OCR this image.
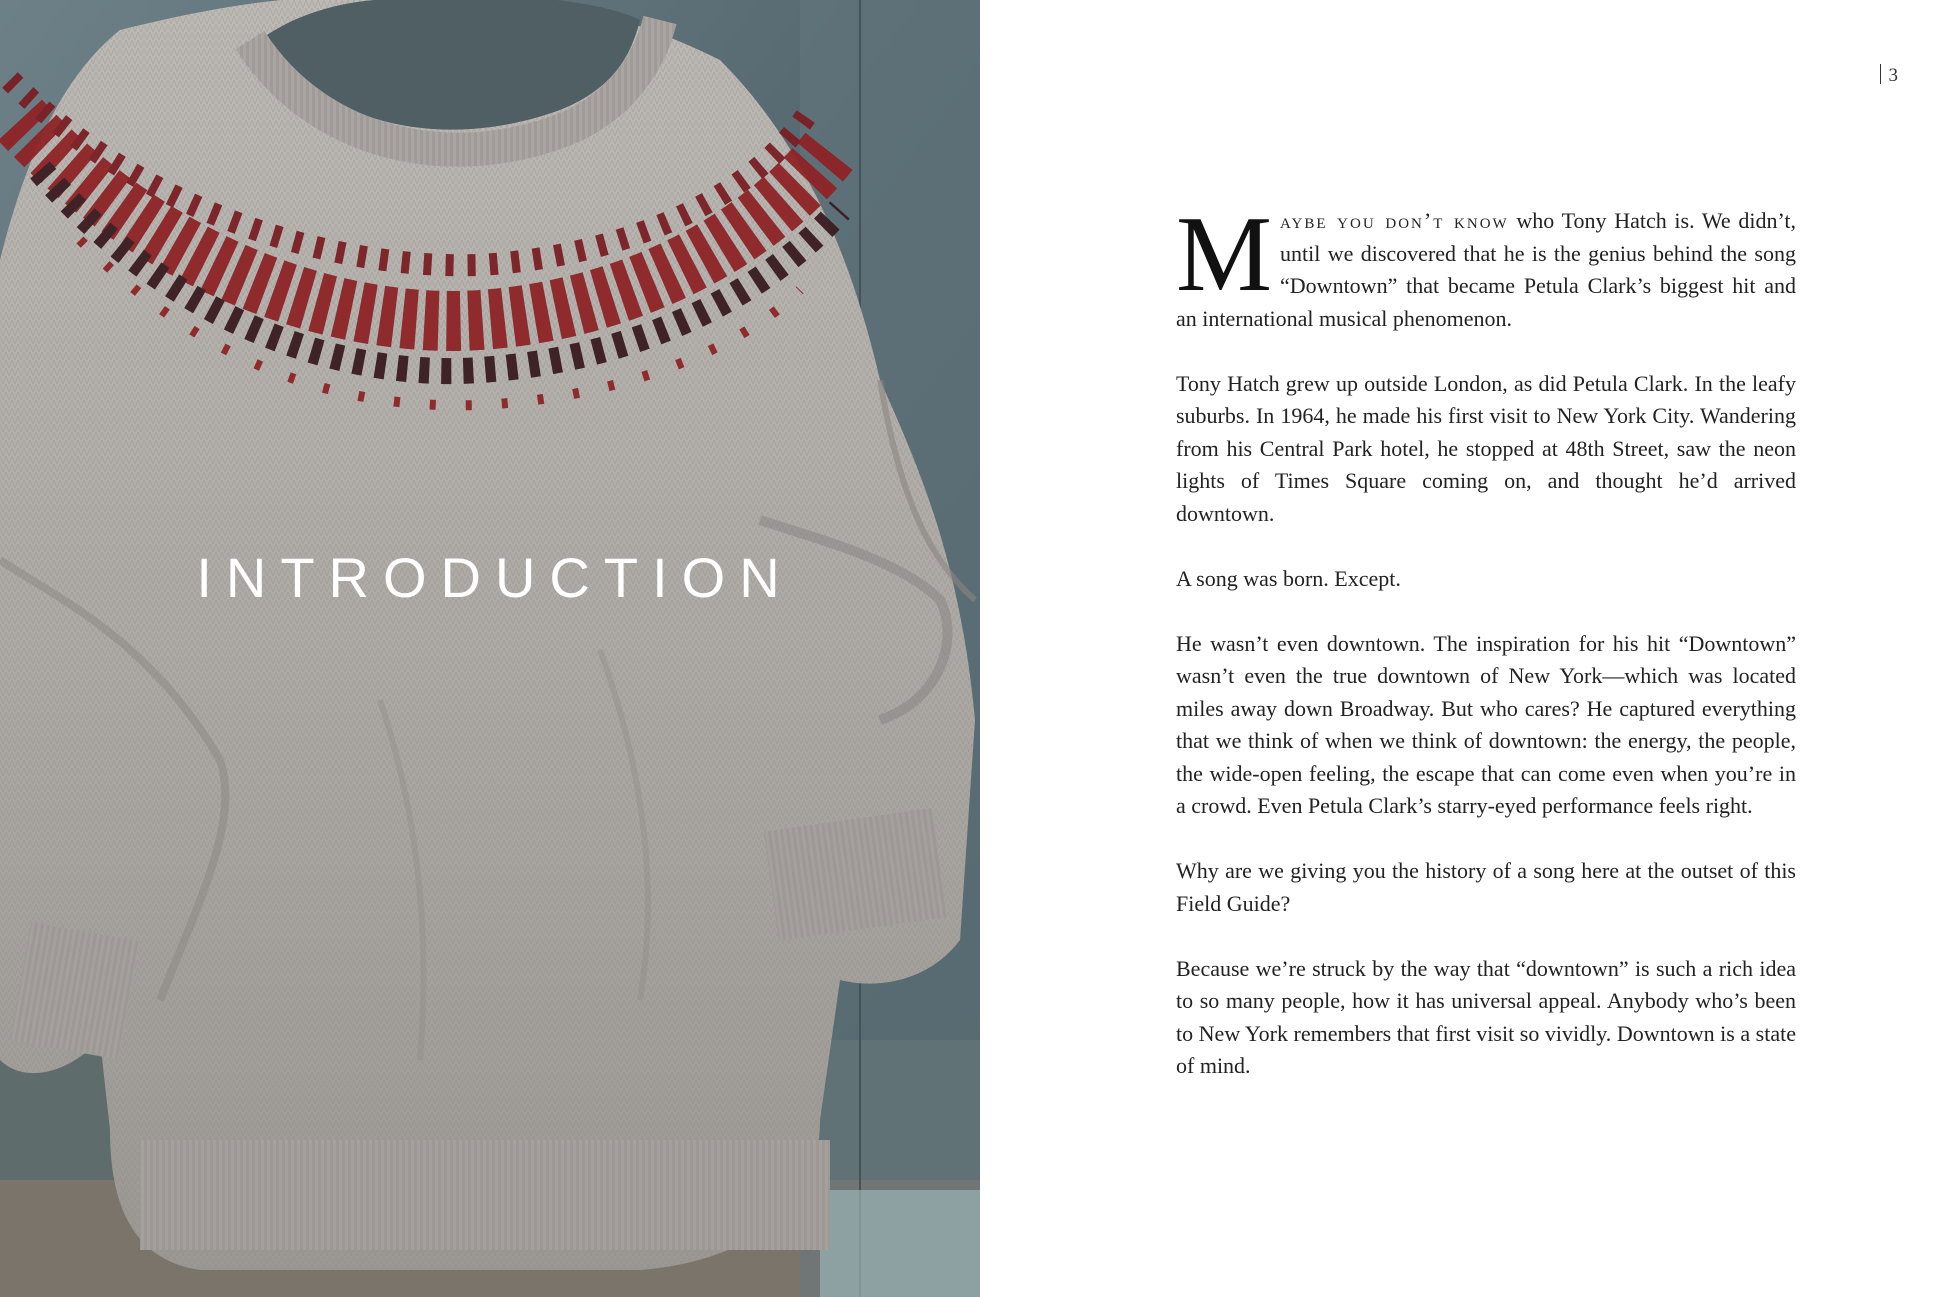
INTRODUCTION
3

Maybe you don’t know who Tony Hatch is. We didn’t, until we discovered that he is the genius behind the song “Downtown” that became Petula Clark’s biggest hit and an international musical phenomenon.

Tony Hatch grew up outside London, as did Petula Clark. In the leafy suburbs. In 1964, he made his first visit to New York City. Wandering from his Central Park hotel, he stopped at 48th Street, saw the neon lights of Times Square coming on, and thought he’d arrived downtown.

A song was born. Except.

He wasn’t even downtown. The inspiration for his hit “Downtown” wasn’t even the true downtown of New York—which was located miles away down Broadway. But who cares? He captured everything that we think of when we think of downtown: the energy, the people, the wide-open feeling, the escape that can come even when you’re in a crowd. Even Petula Clark’s starry-eyed performance feels right.

Why are we giving you the history of a song here at the outset of this Field Guide?

Because we’re struck by the way that “downtown” is such a rich idea to so many people, how it has universal appeal. Anybody who’s been to New York remembers that first visit so vividly. Downtown is a state of mind.
